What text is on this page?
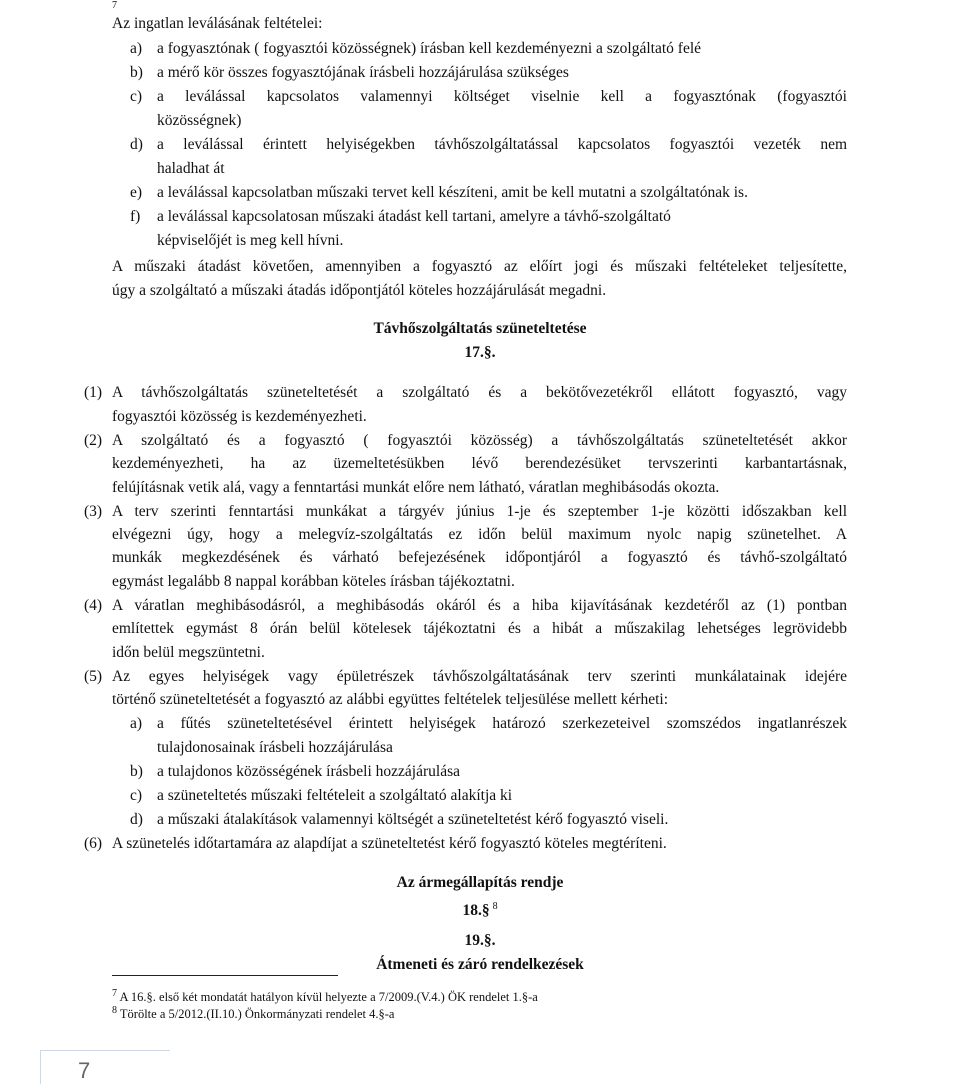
7
Az ingatlan leválásának feltételei:
a) a fogyasztónak ( fogyasztói közösségnek) írásban kell kezdeményezni a szolgáltató felé
b) a mérő kör összes fogyasztójának írásbeli hozzájárulása szükséges
c) a leválással kapcsolatos valamennyi költséget viselnie kell a fogyasztónak (fogyasztói
közösségnek)
d) a leválással érintett helyiségekben távhőszolgáltatással kapcsolatos fogyasztói vezeték nem
haladhat át
e) a leválással kapcsolatban műszaki tervet kell készíteni, amit be kell mutatni a szolgáltatónak is.
f) a leválással kapcsolatosan műszaki átadást kell tartani, amelyre a távhő-szolgáltató
képviselőjét is meg kell hívni.
A műszaki átadást követően, amennyiben a fogyasztó az előírt jogi és műszaki feltételeket teljesítette,
úgy a szolgáltató a műszaki átadás időpontjától köteles hozzájárulását megadni.
Távhőszolgáltatás szüneteltetése
17.§.
(1) A távhőszolgáltatás szüneteltetését a szolgáltató és a bekötővezetékről ellátott fogyasztó, vagy
fogyasztói közösség is kezdeményezheti.
(2) A szolgáltató és a fogyasztó ( fogyasztói közösség) a távhőszolgáltatás szüneteltetését akkor
kezdeményezheti, ha az üzemeltetésükben lévő berendezésüket tervszerinti karbantartásnak,
felújításnak vetik alá, vagy a fenntartási munkát előre nem látható, váratlan meghibásodás okozta.
(3) A terv szerinti fenntartási munkákat a tárgyév június 1-je és szeptember 1-je közötti időszakban kell
elvégezni úgy, hogy a melegvíz-szolgáltatás ez időn belül maximum nyolc napig szünetelhet. A
munkák megkezdésének és várható befejezésének időpontjáról a fogyasztó és távhő-szolgáltató
egymást legalább 8 nappal korábban köteles írásban tájékoztatni.
(4) A váratlan meghibásodásról, a meghibásodás okáról és a hiba kijavításának kezdetéről az (1) pontban
említettek egymást 8 órán belül kötelesek tájékoztatni és a hibát a műszakilag lehetséges legrövidebb
időn belül megszüntetni.
(5) Az egyes helyiségek vagy épületrészek távhőszolgáltatásának terv szerinti munkálatainak idejére
történő szüneteltetését a fogyasztó az alábbi együttes feltételek teljesülése mellett kérheti:
a) a fűtés szüneteltetésével érintett helyiségek határozó szerkezeteivel szomszédos ingatlanrészek
tulajdonosainak írásbeli hozzájárulása
b) a tulajdonos közösségének írásbeli hozzájárulása
c) a szüneteltetés műszaki feltételeit a szolgáltató alakítja ki
d) a műszaki átalakítások valamennyi költségét a szüneteltetést kérő fogyasztó viseli.
(6) A szünetelés időtartamára az alapdíjat a szüneteltetést kérő fogyasztó köteles megtéríteni.
Az ármegállapítás rendje
18.§ $^8$
19.§.
Átmeneti és záró rendelkezések
$^7$ A 16.§. első két mondatát hatályon kívül helyezte a 7/2009.(V.4.) ÖK rendelet 1.§-a
$^8$ Törölte a 5/2012.(II.10.) Önkormányzati rendelet 4.§-a
7
